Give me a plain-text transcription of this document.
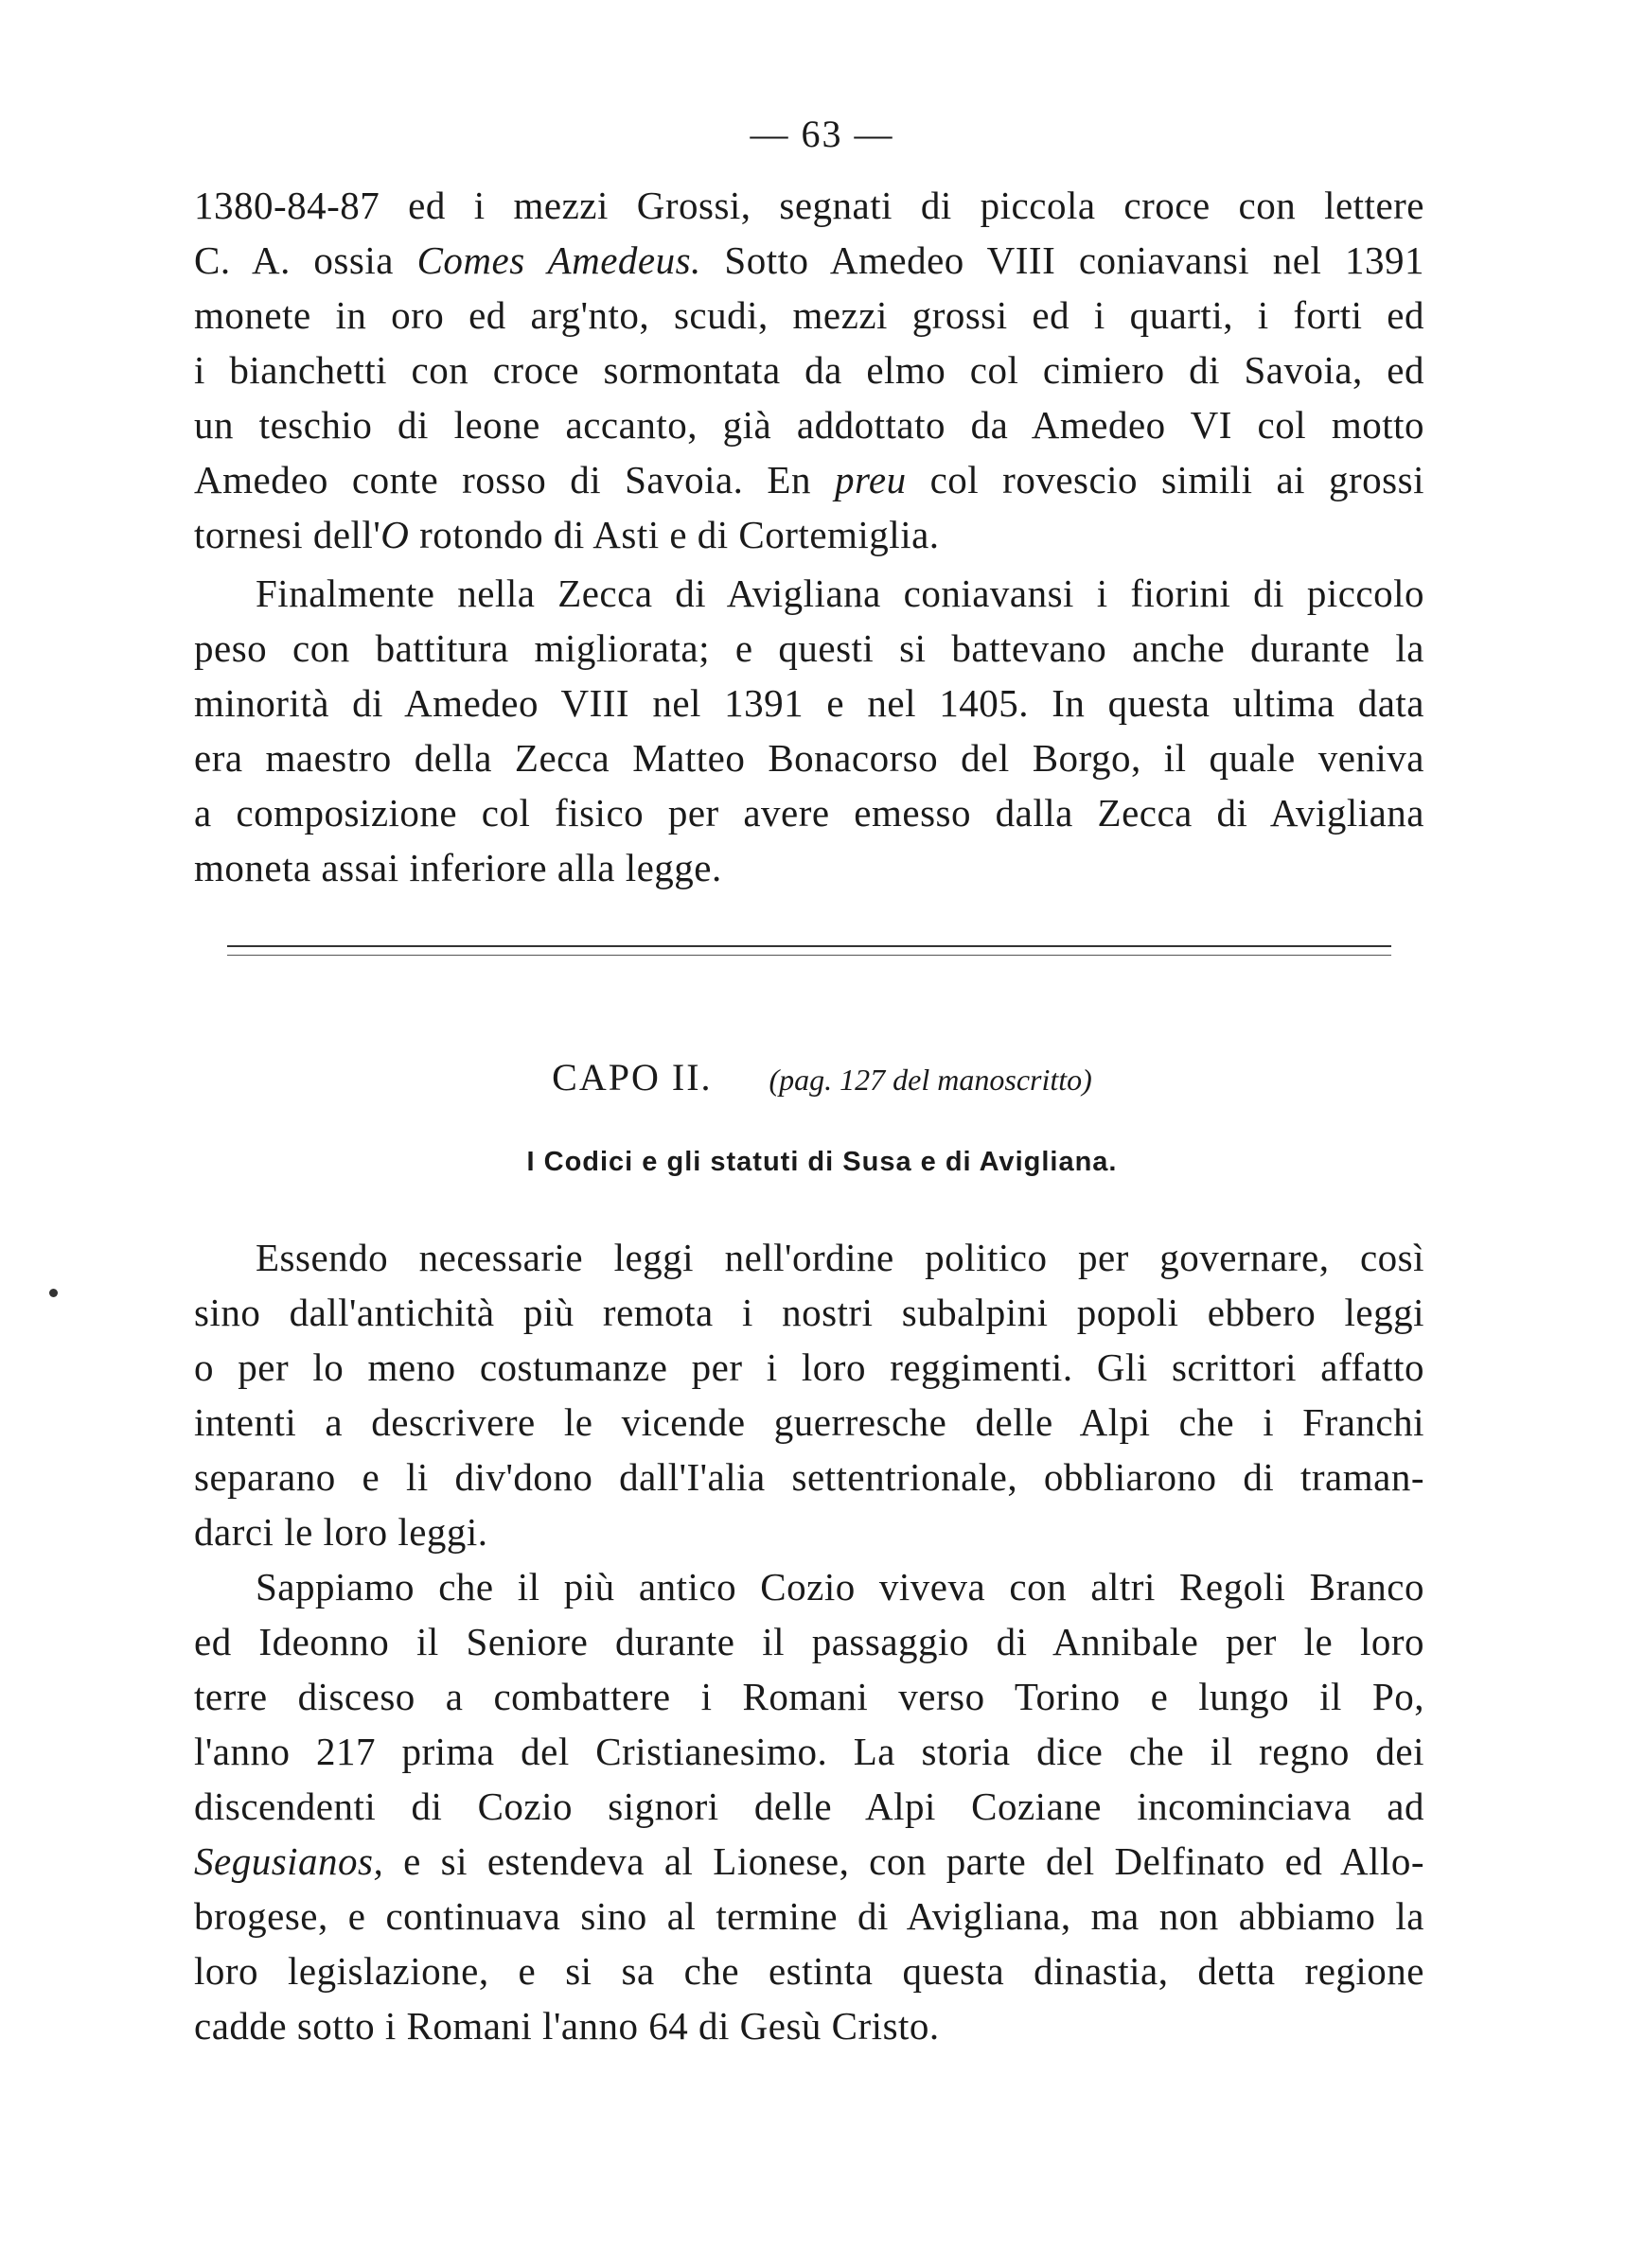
— 63 —
1380-84-87 ed i mezzi Grossi, segnati di piccola croce con lettere
C. A. ossia Comes Amedeus. Sotto Amedeo VIII coniavansi nel 1391
monete in oro ed arg'nto, scudi, mezzi grossi ed i quarti, i forti ed
i bianchetti con croce sormontata da elmo col cimiero di Savoia, ed
un teschio di leone accanto, già addottato da Amedeo VI col motto
Amedeo conte rosso di Savoia. En preu col rovescio simili ai grossi
tornesi dell'O rotondo di Asti e di Cortemiglia.
Finalmente nella Zecca di Avigliana coniavansi i fiorini di piccolo
peso con battitura migliorata; e questi si battevano anche durante la
minorità di Amedeo VIII nel 1391 e nel 1405. In questa ultima data
era maestro della Zecca Matteo Bonacorso del Borgo, il quale veniva
a composizione col fisico per avere emesso dalla Zecca di Avigliana
moneta assai inferiore alla legge.
CAPO II. (pag. 127 del manoscritto)
I Codici e gli statuti di Susa e di Avigliana.
Essendo necessarie leggi nell'ordine politico per governare, così
sino dall'antichità più remota i nostri subalpini popoli ebbero leggi
o per lo meno costumanze per i loro reggimenti. Gli scrittori affatto
intenti a descrivere le vicende guerresche delle Alpi che i Franchi
separano e li div'dono dall'I'alia settentrionale, obbliarono di traman-
darci le loro leggi.
Sappiamo che il più antico Cozio viveva con altri Regoli Branco
ed Ideonno il Seniore durante il passaggio di Annibale per le loro
terre disceso a combattere i Romani verso Torino e lungo il Po,
l'anno 217 prima del Cristianesimo. La storia dice che il regno dei
discendenti di Cozio signori delle Alpi Coziane incominciava ad
Segusianos, e si estendeva al Lionese, con parte del Delfinato ed Allo-
brogese, e continuava sino al termine di Avigliana, ma non abbiamo la
loro legislazione, e si sa che estinta questa dinastia, detta regione
cadde sotto i Romani l'anno 64 di Gesù Cristo.
